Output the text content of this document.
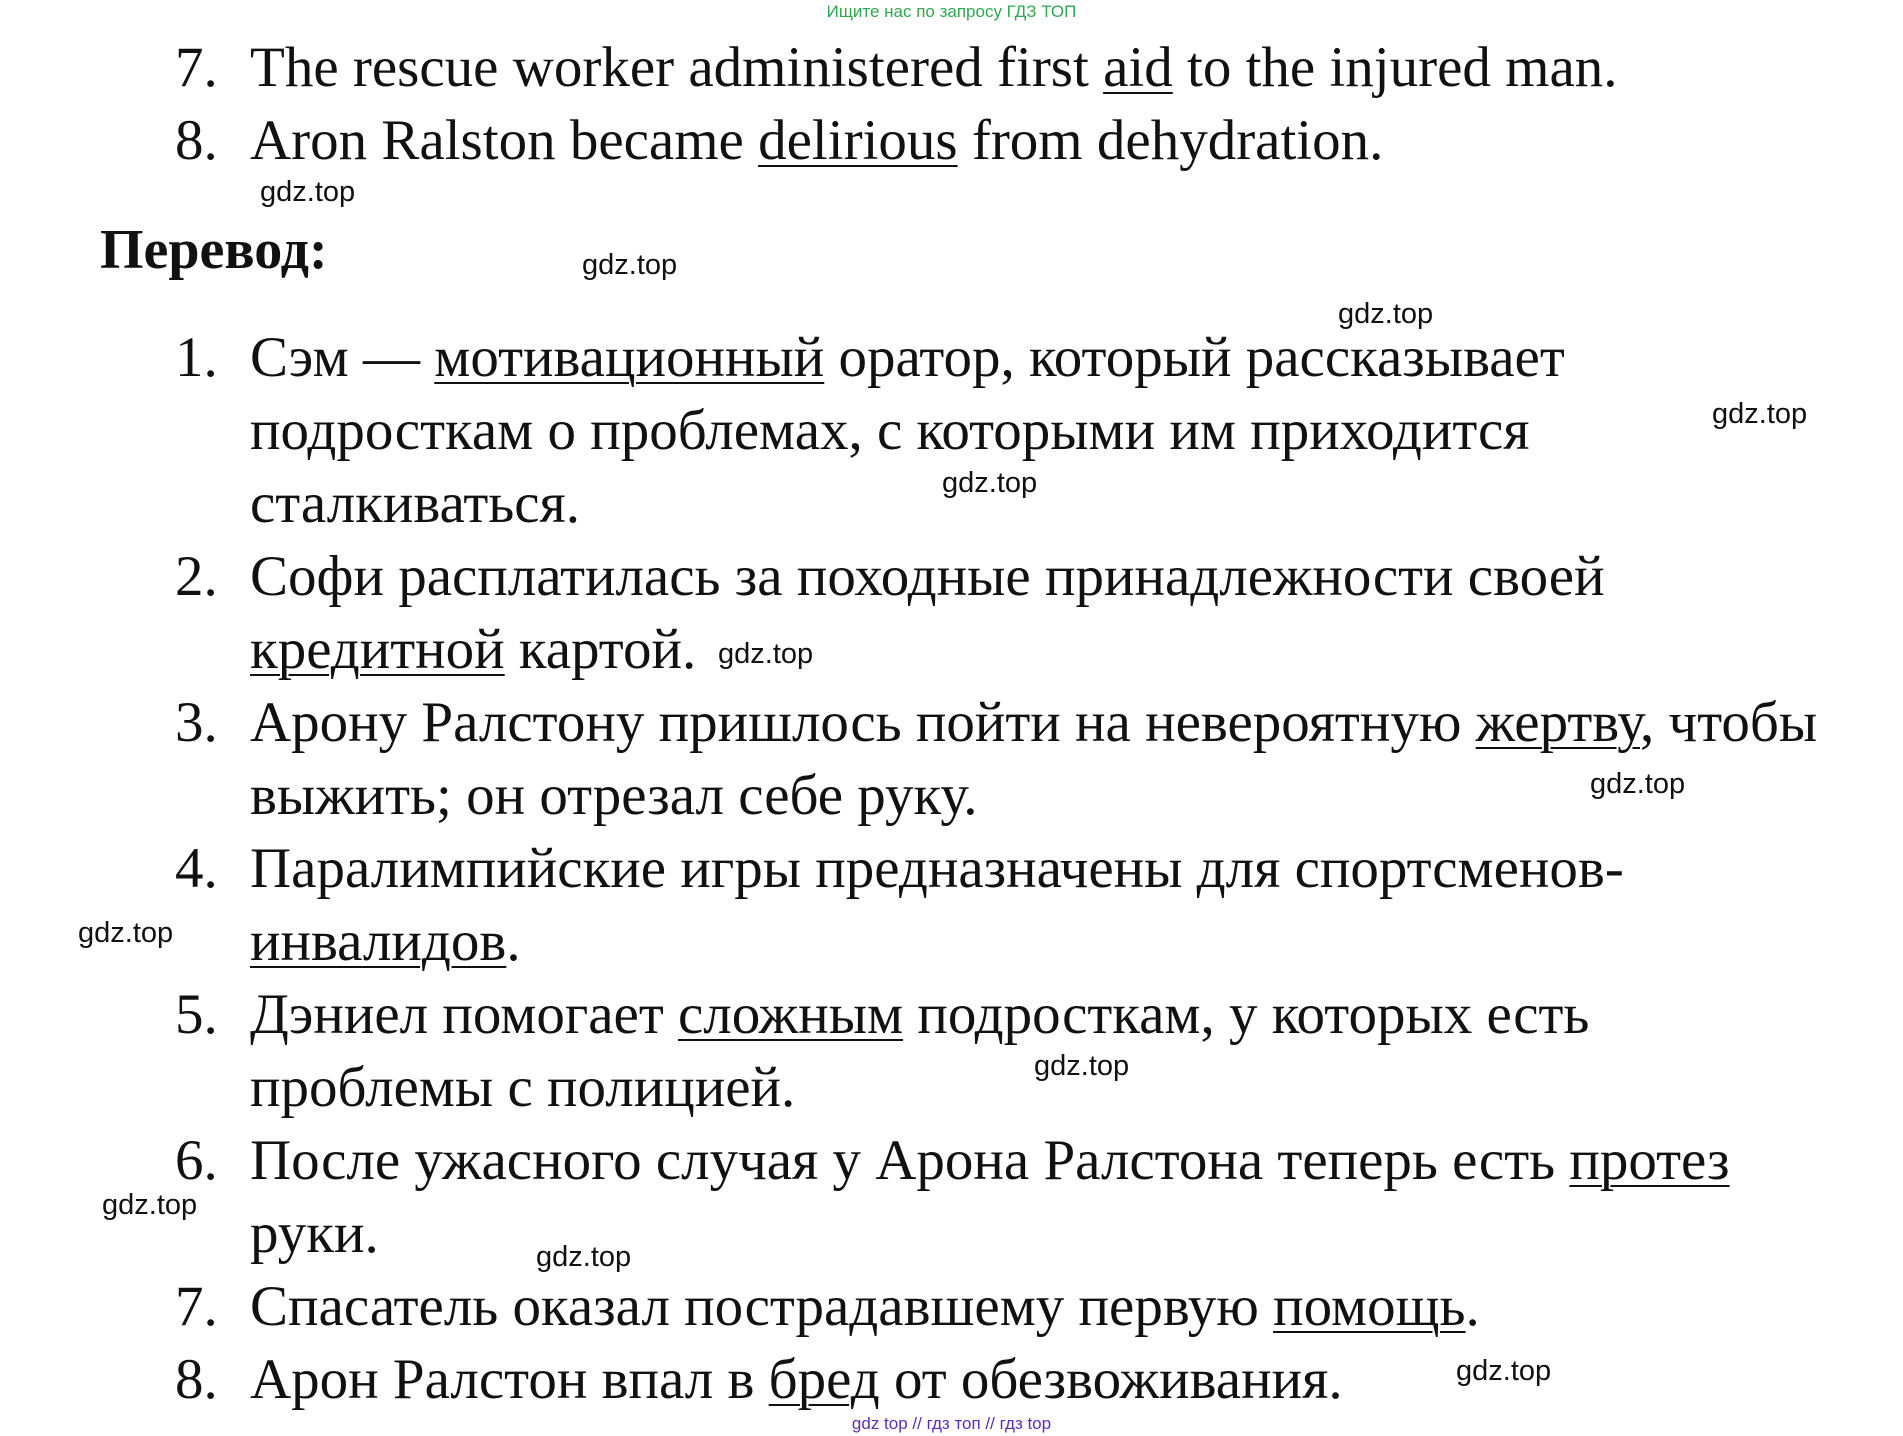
Ищите нас по запросу ГДЗ ТОП
7. The rescue worker administered first aid to the injured man.
8. Aron Ralston became delirious from dehydration.
Перевод:
1. Сэм — мотивационный оратор, который рассказывает
подросткам о проблемах, с которыми им приходится
сталкиваться.
2. Софи расплатилась за походные принадлежности своей
кредитной картой.
3. Арону Ралстону пришлось пойти на невероятную жертву, чтобы
выжить; он отрезал себе руку.
4. Паралимпийские игры предназначены для спортсменов-
инвалидов.
5. Дэниел помогает сложным подросткам, у которых есть
проблемы с полицией.
6. После ужасного случая у Арона Ралстона теперь есть протез
руки.
7. Спасатель оказал пострадавшему первую помощь.
8. Арон Ралстон впал в бред от обезвоживания.
gdz.top
gdz.top
gdz.top
gdz.top
gdz.top
gdz.top
gdz.top
gdz.top
gdz.top
gdz.top
gdz.top
gdz.top
gdz top // гдз топ // гдз top
